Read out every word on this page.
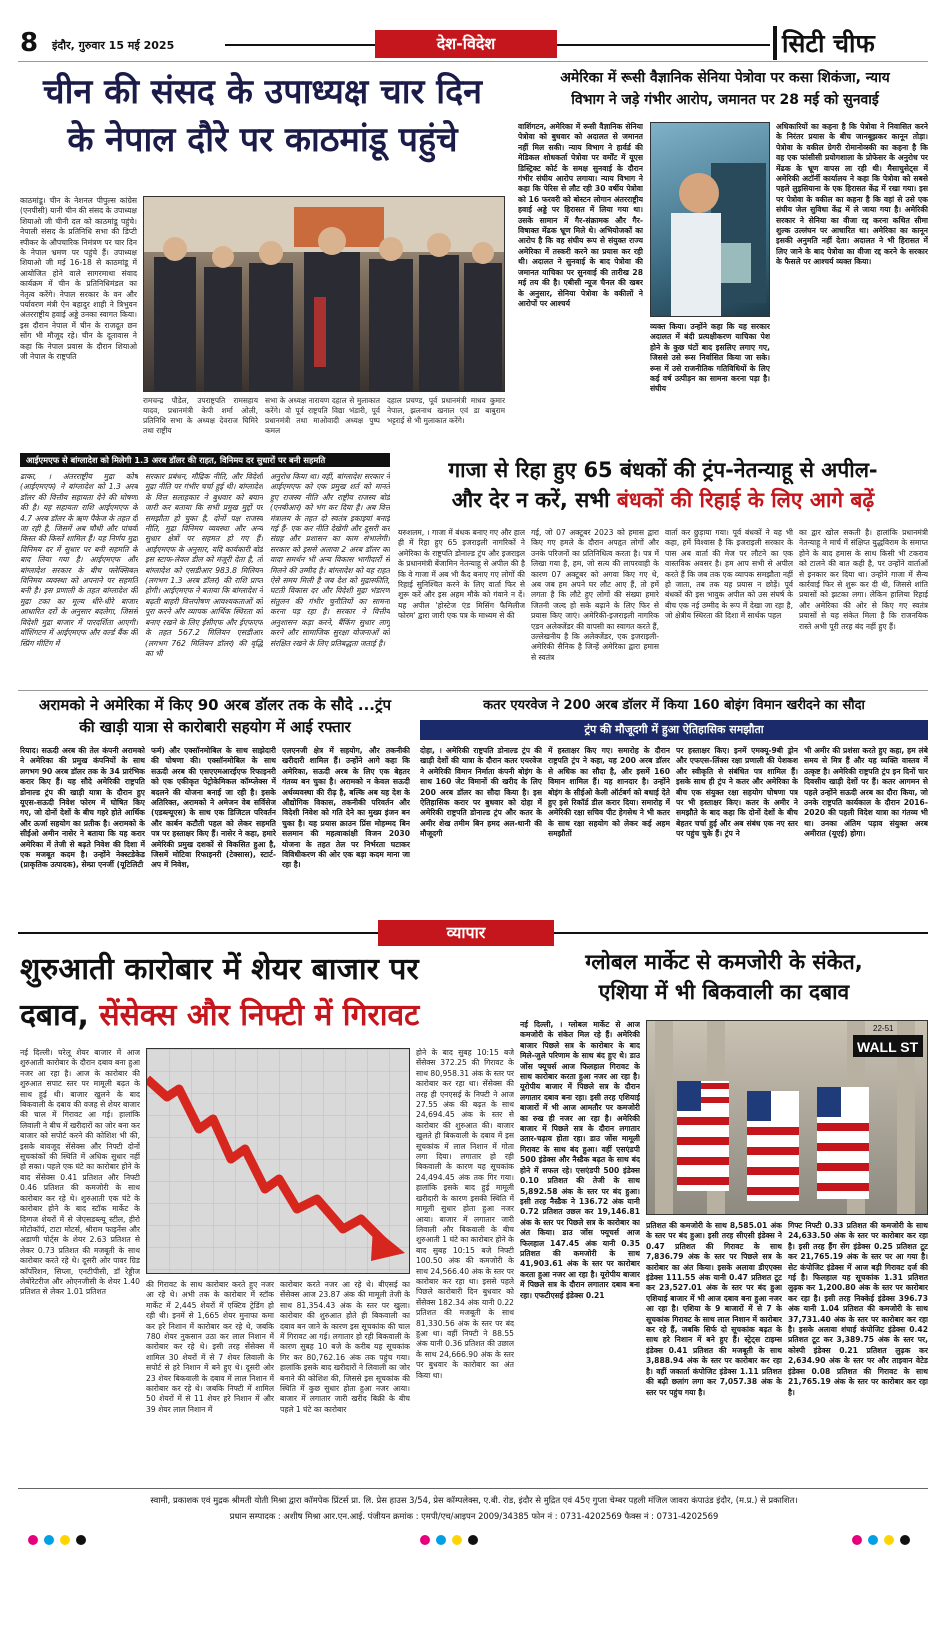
8 इंदौर, गुरुवार 15 मई 2025	देश-विदेश	सिटी चीफ
चीन की संसद के उपाध्यक्ष चार दिन
के नेपाल दौरे पर काठमांडू पहुंचे
काठमांडू। चीन के नेशनल पीपुल्स कांग्रेस (एनपीसी) यानी चीन की संसद के उपाध्यक्ष शियाओ जी चीनी दल को काठमांडू पहुंचे। नेपाली संसद के प्रतिनिधि सभा की डिप्टी स्पीकर के औपचारिक निमंत्रण पर चार दिन के नेपाल भ्रमण पर पहुंचे हैं। उपाध्यक्ष शियाओ जी मई 16-18 से काठमांडू में आयोजित होने वाले सागरमाथा संवाद कार्यक्रम में चीन के प्रतिनिधिमंडल का नेतृत्व करेंगे। नेपाल सरकार के वन और पर्यावरण मंत्री ऐन बहादुर शाही ने त्रिभुवन अंतरराष्ट्रीय हवाई अड्डे उनका स्वागत किया। इस दौरान नेपाल में चीन के राजदूत छन सोंग भी मौजूद रहे। चीन के दूतावास ने कहा कि नेपाल प्रवास के दौरान शियाओ जी नेपाल के राष्ट्रपति
रामचन्द्र पौडेल, उपराष्ट्रपति रामसहाय यादव, प्रधानमंत्री केपी शर्मा ओली, प्रतिनिधि सभा के अध्यक्ष देवराज घिमिरे तथा राष्ट्रीय
सभा के अध्यक्ष नारायण दहाल से मुलाकात करेंगे। वो पूर्व राष्ट्रपति विद्या भंडारी, पूर्व प्रधानमंत्री तथा माओवादी अध्यक्ष पुष्प कमल
दहाल प्रचण्ड, पूर्व प्रधानमंत्री माधव कुमार नेपाल, झलनाथ खनाल एवं डा बाबुराम भट्टराई से भी मुलाकात करेंगे।
अमेरिका में रूसी वैज्ञानिक सेनिया पेत्रोवा पर कसा शिकंजा, न्याय
विभाग ने जड़े गंभीर आरोप, जमानत पर 28 मई को सुनवाई
वाशिंगटन, अमेरिका में रूसी वैज्ञानिक सेनिया पेत्रोवा को बुधवार को अदालत से जमानत नहीं मिल सकी। न्याय विभाग ने हार्वर्ड की मेडिकल शोधकर्ता पेत्रोवा पर वर्मोंट में यूएस डिस्ट्रिक्ट कोर्ट के समक्ष सुनवाई के दौरान गंभीर संघीय आरोप लगाया। न्याय विभाग ने कहा कि पेरिस से लौट रही 30 वर्षीय पेत्रोवा को 16 फरवरी को बोस्टन लोगान अंतरराष्ट्रीय हवाई अड्डे पर हिरासत में लिया गया था। उसके सामान में गैर-संक्रामक और गैर-विषाक्त मेंढक भ्रूण मिले थे। अभियोजकों का आरोप है कि वह संघीय रूप से संयुक्त राज्य अमेरिका में तस्करी करने का प्रयास कर रही थी। अदालत ने सुनवाई के बाद पेत्रोवा की जमानत याचिका पर सुनवाई की तारीख 28 मई तय की है। एबीसी न्यूज चैनल की खबर के अनुसार, सेनिया पेत्रोवा के वकीलों ने आरोपों पर आश्चर्य
व्यक्त किया। उन्होंने कहा कि यह सरकार अदालत में बंदी प्रत्यक्षीकरण याचिका पेश होने के कुछ घंटों बाद इसलिए लगाए गए, जिससे उसे रूस निर्वासित किया जा सके। रूस में उसे राजनीतिक गतिविधियों के लिए कई वर्ष उत्पीड़न का सामना करना पड़ा है। संघीय
अधिकारियों का कहना है कि पेत्रोवा ने निवासित करने के निरंतर प्रयास के बीच जानबूझकर कानून तोड़ा। पेत्रोवा के वकील ग्रेगरी रोमानोव्स्की का कहना है कि वह एक फांसीसी प्रयोगशाला के प्रोफेसर के अनुरोध पर मेंढक के भ्रूण वापस ला रही थी। मैसाचुसेट्स में अमेरिकी अटॉर्नी कार्यालय ने कहा कि पेत्रोवा को सबसे पहले लुइसियाना के एक हिरासत केंद्र में रखा गया। इस पर पेत्रोवा के वकील का कहना है कि वहां से उसे एक संघीय जेल सुविधा केंद्र में ले जाया गया है। अमेरिकी सरकार ने सेनिया का वीजा रद्द करना कथित सीमा शुल्क उल्लंघन पर आधारित था। अमेरिका का कानून इसकी अनुमति नहीं देता। अदालत ने भी हिरासत में लिए जाने के बाद पेत्रोवा का वीजा रद्द करने के सरकार के फैसले पर आश्चर्य व्यक्त किया।
आईएमएफ से बांग्लादेश को मिलेगी 1.3 अरब डॉलर की राहत, विनिमय दर सुधारों पर बनी सहमति
ढाका, । अंतरराष्ट्रीय मुद्रा कोष (आईएमएफ) ने बांग्लादेश को 1.3 अरब डॉलर की वित्तीय सहायता देने की घोषणा की है। यह सहायता राशि आईएमएफ के 4.7 अरब डॉलर के ऋण पैकेज के तहत दी जा रही है, जिसमें अब चौथी और पांचवीं किस्त की किस्तें शामिल हैं। यह निर्णय मुद्रा विनिमय दर में सुधार पर बनी सहमति के बाद लिया गया है। आईएमएफ और बांग्लादेश सरकार के बीच फ्लेक्सिबल विनिमय व्यवस्था को अपनाने पर सहमति बनी है। इस प्रणाली के तहत बांग्लादेश की मुद्रा टका का मूल्य धीरे-धीरे बाजार आधारित दरों के अनुसार बदलेगा, जिससे विदेशी मुद्रा बाजार में पारदर्शिता आएगी। वॉशिंगटन में आईएमएफ और वर्ल्ड बैंक की स्प्रिंग मीटिंग में
सरकार प्रबंधन, मौद्रिक नीति, और विदेशी मुद्रा नीति पर गंभीर चर्चा हुई थी। बांग्लादेश के वित्त सलाहकार ने बुधवार को बयान जारी कर बताया कि सभी प्रमुख मुद्दों पर समझौता हो चुका है, दोनों पक्ष राजस्व नीति, मुद्रा विनिमय व्यवस्था और अन्य सुधार क्षेत्रों पर सहमत हो गए हैं। आईएमएफ के अनुसार, यदि कार्यकारी बोर्ड इस स्टाफ-लेवल डील को मंजूरी देता है, तो बांग्लादेश को एसडीआर 983.8 मिलियन (लगभग 1.3 अरब डॉलर) की राशि प्राप्त होगी। आईएमएफ ने बताया कि बांग्लादेश ने बढ़ती बाहरी वित्तपोषण आवश्यकताओं को पूरा करने और व्यापक आर्थिक स्थिरता को बनाए रखने के लिए ईसीएफ और ईएफएफ के तहत 567.2 मिलियन एसडीआर (लगभग 762 मिलियन डॉलर) की वृद्धि का भी
अनुरोध किया था। वहीं, बांग्लादेश सरकार ने आईएमएफ को एक प्रमुख शर्त को मानते हुए राजस्व नीति और राष्ट्रीय राजस्व बोर्ड (एनबीआर) को भंग कर दिया है। अब वित्त मंत्रालय के तहत दो स्वतंत्र इकाइयां बनाई गई हैं- एक कर नीति देखेगी और दूसरी कर संग्रह और प्रशासन का काम संभालेगी। सरकार को इससे अलावा 2 अरब डॉलर का वादा समर्थन भी अन्य विकास भागीदारों से मिलने की उम्मीद है। बांग्लादेश को यह राहत ऐसे समय मिली है जब देश को मुद्रास्फीति, घटती विकास दर और विदेशी मुद्रा भंडारण संतुलन की गंभीर चुनौतियों का सामना करना पड़ रहा है। सरकार ने वित्तीय अनुशासन कड़ा करने, बैंकिंग सुधार लागू करने और सामाजिक सुरक्षा योजनाओं को संरक्षित रखने के लिए प्रतिबद्धता जताई है।
गाजा से रिहा हुए 65 बंधकों की ट्रंप-नेतन्याहू से अपील-
और देर न करें, सभी बंधकों की रिहाई के लिए आगे बढ़ें
यरुशलम, । गाजा में बंधक बनाए गए और हाल ही में रिहा हुए 65 इजराइली नागरिकों ने अमेरिका के राष्ट्रपति डोनाल्ड ट्रंप और इजराइल के प्रधानमंत्री बेंजामिन नेतन्याहू से अपील की है कि वे गाजा में अब भी कैद बनाए गए लोगों की रिहाई सुनिश्चित करने के लिए वार्ता फिर से शुरू करें और इस अहम मौके को गंवाने न दें। यह अपील 'होस्टेज एंड मिसिंग फैमिलीज फोरम' द्वारा जारी एक पत्र के माध्यम से की
गई, जो 07 अक्टूबर 2023 को हमास द्वारा किए गए हमले के दौरान अपहृत लोगों और उनके परिजनों का प्रतिनिधित्व करता है। पत्र में लिखा गया है, हम, जो सत्य की लापरवाही के कारण 07 अक्टूबर को अगवा किए गए थे, अब जब हम अपने घर लौट आए हैं, तो हमें लगता है कि लौटे हुए लोगों की संख्या हमारे जितनी जल्द हो सके बढ़ाने के लिए फिर से प्रयास किए जाएं। अमेरिकी-इजराइली नागरिक एडन अलेक्जेंडर की वापसी का स्वागत करते हैं, उल्लेखनीय है कि अलेक्जेंडर, एक इजराइली-अमेरिकी सैनिक है जिन्हें अमेरिका द्वारा हमास से स्वतंत्र
वार्ता कर छुड़ाया गया। पूर्व बंधकों ने यह भी कहा, हमें विश्वास है कि इजराइली सरकार के पास अब वार्ता की मेज पर लौटने का एक वास्तविक अवसर है। हम आप सभी से अपील करते हैं कि जब तक एक व्यापक समझौता नहीं हो जाता, तब तक यह प्रयास न छोड़ें। पूर्व बंधकों की इस भावुक अपील को उस संघर्ष के बीच एक नई उम्मीद के रूप में देखा जा रहा है, जो क्षेत्रीय स्थिरता की दिशा में सार्थक पहल
का द्वार खोल सकती है। हालांकि प्रधानमंत्री नेतन्याहू ने मार्च में संक्षिप्त युद्धविराम के समाप्त होने के बाद हमास के साथ किसी भी टकराव को टालने की बात कही है, पर उन्होंने वार्ताओं से इनकार कर दिया था। उन्होंने गाजा में सैन्य कार्रवाई फिर से शुरू कर दी थी, जिससे शांति प्रयासों को झटका लगा। लेकिन हालिया रिहाई और अमेरिका की ओर से किए गए स्वतंत्र प्रयासों से यह संकेत मिला है कि राजनयिक रास्ते अभी पूरी तरह बंद नहीं हुए हैं।
अरामको ने अमेरिका में किए 90 अरब डॉलर तक के सौदे ...ट्रंप
की खाड़ी यात्रा से कारोबारी सहयोग में आई रफ्तार
रियाद। सऊदी अरब की तेल कंपनी अरामको ने अमेरिका की प्रमुख कंपनियों के साथ लगभग 90 अरब डॉलर तक के 34 प्रारंभिक करार किए हैं। यह सौदे अमेरिकी राष्ट्रपति डोनाल्ड ट्रंप की खाड़ी यात्रा के दौरान हुए यूएस-सऊदी निवेश फोरम में घोषित किए गए, जो दोनों देशों के बीच गहरे होते आर्थिक और ऊर्जा सहयोग का प्रतीक है। अरामको के सीईओ अमीन नासेर ने बताया कि यह करार अमेरिका में तेजी से बढ़ते निवेश की दिशा में एक मजबूत कदम है। उन्होंने नेक्स्टडेकेड (प्राकृतिक उत्पादक), सेम्प्रा एनर्जी (यूटिलिटी
फर्म) और एक्सॉनमोबिल के साथ साझेदारी की घोषणा की। एक्सॉनमोबिल के साथ सऊदी अरब की एसएएमआरईएफ रिफाइनरी को एक एकीकृत पेट्रोकेमिकल कॉम्प्लेक्स में बदलने की योजना बनाई जा रही है। इसके अतिरिक्त, अरामको ने अमेजन वेब सर्विसेज (एडब्ल्यूएस) के साथ एक डिजिटल परिवर्तन और कार्बन कटौती पहल को लेकर सहमति पत्र पर हस्ताक्षर किए हैं। नासेर ने कहा, हमारे अमेरिकी प्रमुख दशकों से विकसित हुआ है, जिसमें मोटिवा रिफाइनरी (टेक्सास), स्टार्ट-अप में निवेश,
एलएनजी क्षेत्र में सहयोग, और तकनीकी खरीदारी शामिल हैं। उन्होंने आगे कहा कि अमेरिका, सऊदी अरब के लिए एक बेहतर गंतव्य बन चुका है। अरामको न केवल सऊदी अर्थव्यवस्था की रीढ़ है, बल्कि अब यह देश के औद्योगिक विकास, तकनीकी परिवर्तन और विदेशी निवेश को गति देने का मुख्य इंजन बन चुका है। यह प्रयास क्राउन प्रिंस मोहम्मद बिन सलमान की महत्वाकांक्षी विजन 2030 योजना के तहत तेल पर निर्भरता घटाकर विविधीकरण की ओर एक बड़ा कदम माना जा रहा है।
कतर एयरवेज ने 200 अरब डॉलर में किया 160 बोइंग विमान खरीदने का सौदा
ट्रंप की मौजूदगी में हुआ ऐतिहासिक समझौता
दोहा, । अमेरिकी राष्ट्रपति डोनाल्ड ट्रंप की खाड़ी देशों की यात्रा के दौरान कतर एयरवेज ने अमेरिकी विमान निर्माता कंपनी बोइंग के साथ 160 जेट विमानों की खरीद के लिए 200 अरब डॉलर का सौदा किया है। इस ऐतिहासिक करार पर बुधवार को दोहा में अमेरिकी राष्ट्रपति डोनाल्ड ट्रंप और कतर के अमीर शेख तमीम बिन हमद अल-थानी की मौजूदगी
में हस्ताक्षर किए गए। समारोह के दौरान राष्ट्रपति ट्रंप ने कहा, यह 200 अरब डॉलर से अधिक का सौदा है, और इसमें 160 विमान शामिल हैं। यह शानदार है। उन्होंने बोइंग के सीईओ केली ऑर्टबर्ग को बधाई देते हुए इसे रिकॉर्ड डील करार दिया। समारोह में अमेरिकी रक्षा सचिव पीट हेगसेथ ने भी कतर के साथ रक्षा सहयोग को लेकर कई अहम समझौतों
पर हस्ताक्षर किए। इनमें एमक्यू-9बी ड्रोन और एफएस-लिंक्स रक्षा प्रणाली की पेशकश और स्वीकृति से संबंधित पत्र शामिल हैं। इसके साथ ही ट्रंप ने कतर और अमेरिका के बीच एक संयुक्त रक्षा सहयोग घोषणा पत्र पर भी हस्ताक्षर किए। कतर के अमीर ने समझौते के बाद कहा कि दोनों देशों के बीच बेहतर चर्चा हुई और अब संबंध एक नए स्तर पर पहुंच चुके हैं। ट्रंप ने
भी अमीर की प्रशंसा करते हुए कहा, हम लंबे समय से मित्र हैं और यह व्यक्ति वास्तव में उत्कृष्ट है। अमेरिकी राष्ट्रपति ट्रंप इन दिनों चार दिवसीय खाड़ी देशों पर हैं। कतर आगमन से पहले उन्होंने सऊदी अरब का दौरा किया, जो उनके राष्ट्रपति कार्यकाल के दौरान 2016-2020 की पहली विदेश यात्रा का गंतव्य भी था। उनका अंतिम पड़ाव संयुक्त अरब अमीरात (यूएई) होगा।
व्यापार
शुरुआती कारोबार में शेयर बाजार पर
दबाव, सेंसेक्स और निफ्टी में गिरावट
नई दिल्ली। घरेलू शेयर बाजार में आज शुरुआती कारोबार के दौरान दबाव बना हुआ नजर आ रहा है। आज के कारोबार की शुरुआत सपाट स्तर पर मामूली बढ़त के साथ हुई थी। बाजार खुलने के बाद बिकवाली के दबाव की वजह से शेयर बाजार की चाल में गिरावट आ गई। हालांकि लिवाली ने बीच में खरीदारों का जोर बना कर बाजार को सपोर्ट करने की कोशिश भी की, इसके बावजूद सेंसेक्स और निफ्टी दोनों सूचकांकों की स्थिति में अधिक सुधार नहीं हो सका। पहले एक घंटे का कारोबार होने के बाद सेंसेक्स 0.41 प्रतिशत और निफ्टी 0.46 प्रतिशत की कमजोरी के साथ कारोबार कर रहे थे। शुरुआती एक घंटे के कारोबार होने के बाद स्टॉक मार्केट के दिग्गज शेयरों में से जेएसडब्ल्यू स्टील, हीरो मोटोकॉर्प, टाटा मोटर्स, श्रीराम फाइनेंस और अडाणी पोर्ट्स के शेयर 2.63 प्रतिशत से लेकर 0.73 प्रतिशत की मजबूती के साथ कारोबार करते रहे थे। दूसरी ओर पावर ग्रिड कॉर्पोरेशन, सिप्ला, एनटीपीसी, डॉ रेड्डीज लेबोरेटरीज और ओएनजीसी के शेयर 1.40 प्रतिशत से लेकर 1.01 प्रतिशत
की गिरावट के साथ कारोबार करते हुए नजर आ रहे थे। अभी तक के कारोबार में स्टॉक मार्केट में 2,445 शेयरों में एक्टिव ट्रेडिंग हो रही थी। इनमें से 1,665 शेयर मुनाफा कमा कर हरे निशान में कारोबार कर रहे थे, जबकि 780 शेयर नुकसान उठा कर लाल निशान में कारोबार कर रहे थे। इसी तरह सेंसेक्स में शामिल 30 शेयरों में से 7 शेयर लिवाली के सपोर्ट से हरे निशान में बने हुए थे। दूसरी ओर 23 शेयर बिकवाली के दबाव में लाल निशान में कारोबार कर रहे थे। जबकि निफ्टी में शामिल 50 शेयरों में से 11 शेयर हरे निशान में और 39 शेयर लाल निशान में
कारोबार करते नजर आ रहे थे। बीएसई का सेंसेक्स आज 23.87 अंक की मामूली तेजी के साथ 81,354.43 अंक के स्तर पर खुला। कारोबार की शुरुआत होते ही बिकवाली का दबाव बन जाने के कारण इस सूचकांक की चाल में गिरावट आ गई। लगातार हो रही बिकवाली के कारण सुबह 10 बजे के करीब यह सूचकांक गिर कर 80,762.16 अंक तक पहुंच गया। हालांकि इसके बाद खरीदारों ने लिवाली का जोर बनाने की कोशिश की, जिससे इस सूचकांक की स्थिति में कुछ सुधार होता हुआ नजर आया। बाजार में लगातार जारी खरीद बिक्री के बीच पहले 1 घंटे का कारोबार
होने के बाद सुबह 10:15 बजे सेंसेक्स 372.25 की गिरावट के साथ 80,958.31 अंक के स्तर पर कारोबार कर रहा था। सेंसेक्स की तरह ही एनएसई के निफ्टी ने आज 27.55 अंक की बढ़त के साथ 24,694.45 अंक के स्तर से कारोबार की शुरुआत की। बाजार खुलते ही बिकवाली के दबाव में इस सूचकांक में लाल निशान में गोता लगा दिया। लगातार हो रही बिकवाली के कारण यह सूचकांक 24,494.45 अंक तक गिर गया। हालांकि इसके बाद हुई मामूली खरीदारी के कारण इसकी स्थिति में मामूली सुधार होता हुआ नजर आया। बाजार में लगातार जारी लिवाली और बिकवाली के बीच शुरुआती 1 घंटे का कारोबार होने के बाद सुबह 10:15 बजे निफ्टी 100.50 अंक की कमजोरी के साथ 24,566.40 अंक के स्तर पर कारोबार कर रहा था। इससे पहले पिछले कारोबारी दिन बुधवार को सेंसेक्स 182.34 अंक यानी 0.22 प्रतिशत की मजबूती के साथ 81,330.56 अंक के स्तर पर बंद हुआ था। वहीं निफ्टी ने 88.55 अंक यानी 0.36 प्रतिशत की उछाल के साथ 24,666.90 अंक के स्तर पर बुधवार के कारोबार का अंत किया था।
ग्लोबल मार्केट से कमजोरी के संकेत,
एशिया में भी बिकवाली का दबाव
नई दिल्ली, । ग्लोबल मार्केट से आज कमजोरी के संकेत मिल रहे हैं। अमेरिकी बाजार पिछले सत्र के कारोबार के बाद मिले-जुले परिणाम के साथ बंद हुए थे। डाउ जोंस फ्यूचर्स आज फिलहाल गिरावट के साथ कारोबार करता हुआ नजर आ रहा है। यूरोपीय बाजार में पिछले सत्र के दौरान लगातार दबाव बना रहा। इसी तरह एशियाई बाजारों में भी आज आमतौर पर कमजोरी का रुख ही नजर आ रहा है। अमेरिकी बाजार में पिछले सत्र के दौरान लगातार उतार-चढ़ाव होता रहा। डाउ जोंस मामूली गिरावट के साथ बंद हुआ। वहीं एसएंडपी 500 इंडेक्स और नैस्डैक बढ़त के साथ बंद होने में सफल रहे। एसएंडपी 500 इंडेक्स 0.10 प्रतिशत की तेजी के साथ 5,892.58 अंक के स्तर पर बंद हुआ। इसी तरह नैस्डैक ने 136.72 अंक यानी 0.72 प्रतिशत उछल कर 19,146.81 अंक के स्तर पर पिछले सत्र के कारोबार का अंत किया। डाउ जोंस फ्यूचर्स आज फिलहाल 147.45 अंक यानी 0.35 प्रतिशत की कमजोरी के साथ 41,903.61 अंक के स्तर पर कारोबार करता हुआ नजर आ रहा है। यूरोपीय बाजार में पिछले सत्र के दौरान लगातार दबाव बना रहा। एफटीएसई इंडेक्स 0.21
WALL ST
22-51
प्रतिशत की कमजोरी के साथ 8,585.01 अंक के स्तर पर बंद हुआ। इसी तरह सीएसी इंडेक्स ने 0.47 प्रतिशत की गिरावट के साथ 7,836.79 अंक के स्तर पर पिछले सत्र के कारोबार का अंत किया। इसके अलावा डीएएक्स इंडेक्स 111.55 अंक यानी 0.47 प्रतिशत टूट कर 23,527.01 अंक के स्तर पर बंद हुआ एशियाई बाजार में भी आज दबाव बना हुआ नजर आ रहा है। एशिया के 9 बाजारों में से 7 के सूचकांक गिरावट के साथ लाल निशान में कारोबार कर रहे हैं, जबकि सिर्फ दो सूचकांक बढ़त के साथ हरे निशान में बने हुए हैं। स्ट्रेट्स टाइम्स इंडेक्स 0.41 प्रतिशत की मजबूती के साथ 3,888.94 अंक के स्तर पर कारोबार कर रहा है। वहीं जकार्ता कंपोजिट इंडेक्स 1.11 प्रतिशत की बढ़ी छलांग लगा कर 7,057.38 अंक के स्तर पर पहुंच गया है।
गिफ्ट निफ्टी 0.33 प्रतिशत की कमजोरी के साथ 24,633.50 अंक के स्तर पर कारोबार कर रहा है। इसी तरह हैंग सेंग इंडेक्स 0.25 प्रतिशत टूट कर 21,765.19 अंक के स्तर पर आ गया है। सेट कंपोजिट इंडेक्स में आज बड़ी गिरावट दर्ज की गई है। फिलहाल यह सूचकांक 1.31 प्रतिशत लुढ़क कर 1,200.80 अंक के स्तर पर कारोबार कर रहा है। इसी तरह निक्केई इंडेक्स 396.73 अंक यानी 1.04 प्रतिशत की कमजोरी के साथ 37,731.40 अंक के स्तर पर कारोबार कर रहा है। इसके अलावा शंघाई कंपोजिट इंडेक्स 0.42 प्रतिशत टूट कर 3,389.75 अंक के स्तर पर, कोस्पी इंडेक्स 0.21 प्रतिशत लुढ़क कर 2,634.90 अंक के स्तर पर और ताइवान वेटेड इंडेक्स 0.08 प्रतिशत की गिरावट के साथ 21,765.19 अंक के स्तर पर कारोबार कर रहा है।
स्वामी, प्रकाशक एवं मुद्रक श्रीमती योती मिश्रा द्वारा कॉमपेक प्रिंटर्स प्रा. लि. प्रेस हाउस 3/54, प्रेस कॉम्पलेक्स, ए.बी. रोड, इंदौर से मुद्रित एवं 45ए गुप्ता चेम्बर पहली मंजिल जावरा कंपाउंड इंदौर, (म.प्र.) से प्रकाशित।
प्रधान सम्पादक : अशीष मिश्रा आर.एन.आई. पंजीयन क्रमांक : एमपी/एच/आइपन 2009/34385 फोन नं : 0731-4202569 फैक्स नं : 0731-4202569
